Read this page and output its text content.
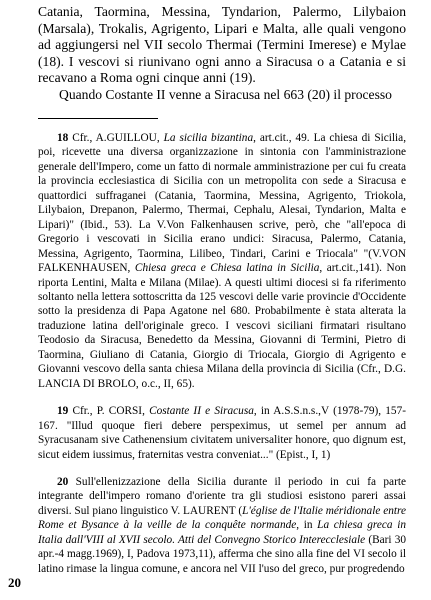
Catania, Taormina, Messina, Tyndarion, Palermo, Lilybaion (Marsala), Trokalis, Agrigento, Lipari e Malta, alle quali vengono ad aggiungersi nel VII secolo Thermai (Termini Imerese) e Mylae (18). I vescovi si riunivano ogni anno a Siracusa o a Catania e si recavano a Roma ogni cinque anni (19).

Quando Costante II venne a Siracusa nel 663 (20) il processo

18 Cfr., A.GUILLOU, La sicilia bizantina, art.cit., 49. La chiesa di Sicilia, poi, ricevette una diversa organizzazione in sintonia con l'amministrazione generale dell'Impero, come un fatto di normale amministrazione per cui fu creata la provincia ecclesiastica di Sicilia con un metropolita con sede a Siracusa e quattordici suffraganei (Catania, Taormina, Messina, Agrigento, Triokola, Lilybaion, Drepanon, Palermo, Thermai, Cephalu, Alesai, Tyndarion, Malta e Lipari)" (Ibid., 53). La V.Von Falkenhausen scrive, però, che "all'epoca di Gregorio i vescovati in Sicilia erano undici: Siracusa, Palermo, Catania, Messina, Agrigento, Taormina, Lilibeo, Tindari, Carini e Triocala" "(V.VON FALKENHAUSEN, Chiesa greca e Chiesa latina in Sicilia, art.cit.,141). Non riporta Lentini, Malta e Milana (Milae). A questi ultimi diocesi si fa riferimento soltanto nella lettera sottoscritta da 125 vescovi delle varie provincie d'Occidente sotto la presidenza di Papa Agatone nel 680. Probabilmente è stata alterata la traduzione latina dell'originale greco. I vescovi siciliani firmatari risultano Teodosio da Siracusa, Benedetto da Messina, Giovanni di Termini, Pietro di Taormina, Giuliano di Catania, Giorgio di Triocala, Giorgio di Agrigento e Giovanni vescovo della santa chiesa Milana della provincia di Sicilia (Cfr., D.G. LANCIA DI BROLO, o.c., II, 65).

19 Cfr., P. CORSI, Costante II e Siracusa, in A.S.S.n.s.,V (1978-79), 157-167. "Illud quoque fieri debere perspeximus, ut semel per annum ad Syracusanam sive Cathenensium civitatem universaliter honore, quo dignum est, sicut eidem iussimus, fraternitas vestra conveniat..." (Epist., I, 1)

20 Sull'ellenizzazione della Sicilia durante il periodo in cui fa parte integrante dell'impero romano d'oriente tra gli studiosi esistono pareri assai diversi. Sul piano linguistico V. LAURENT (L'église de l'Italie méridionale entre Rome et Bysance à la veille de la conquête normande, in La chiesa greca in Italia dall'VIII al XVII secolo. Atti del Convegno Storico Interecclesiale (Bari 30 apr.-4 magg.1969), I, Padova 1973,11), afferma che sino alla fine del VI secolo il latino rimase la lingua comune, e ancora nel VII l'uso del greco, pur progredendo

20
